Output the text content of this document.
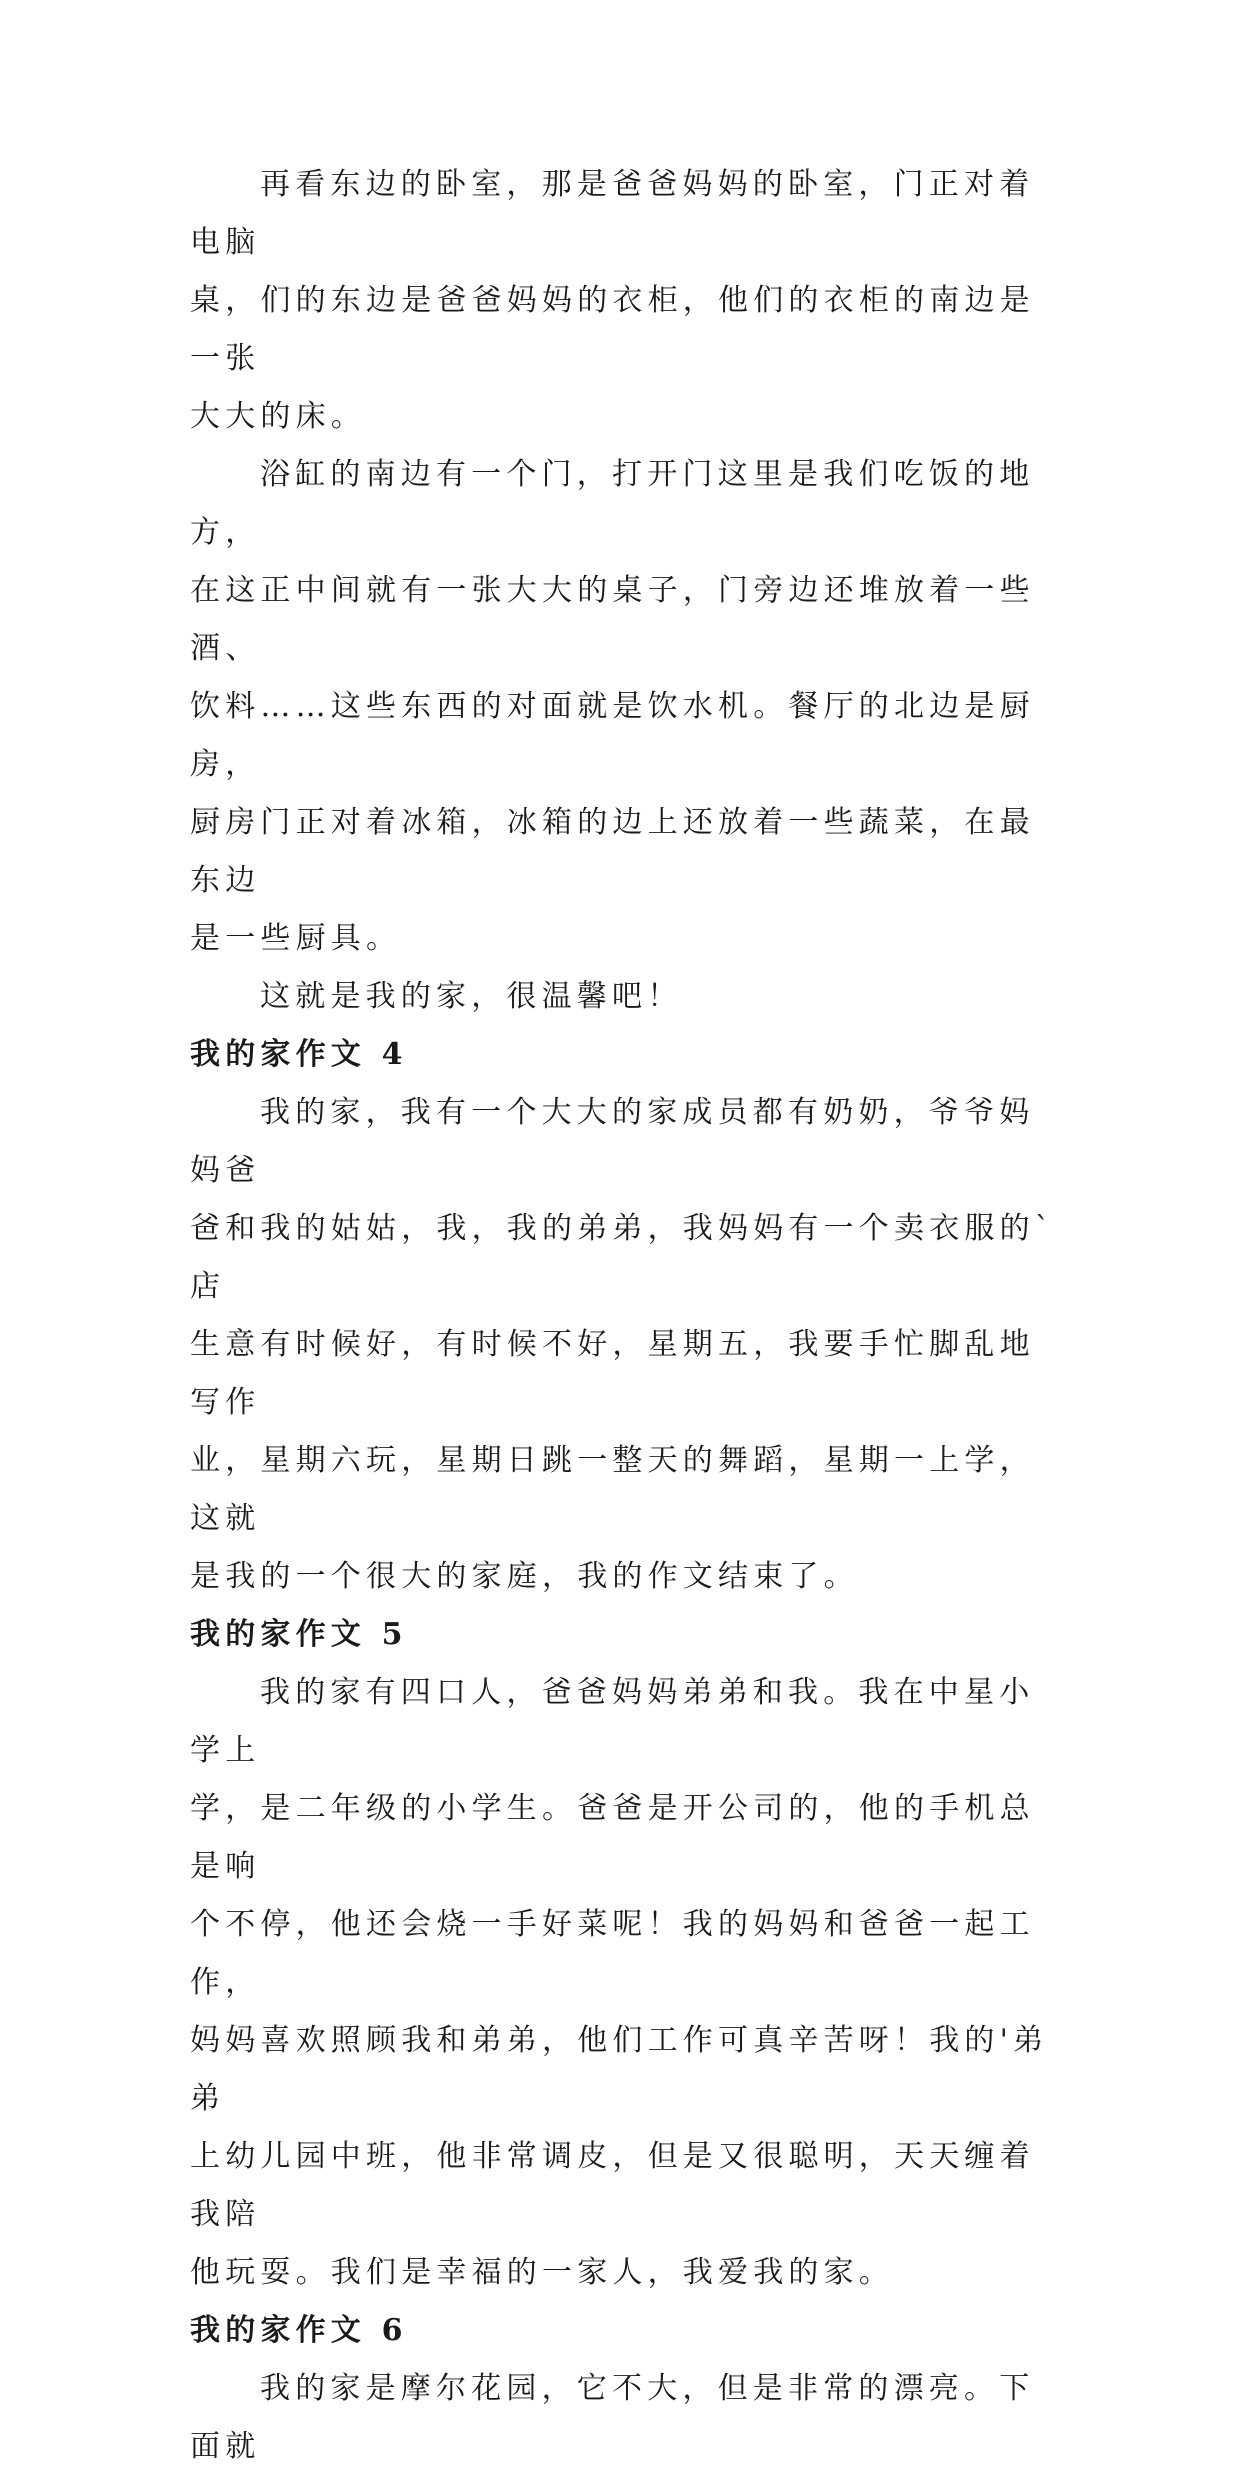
再看东边的卧室，那是爸爸妈妈的卧室，门正对着电脑
桌，们的东边是爸爸妈妈的衣柜，他们的衣柜的南边是一张
大大的床。

浴缸的南边有一个门，打开门这里是我们吃饭的地方，
在这正中间就有一张大大的桌子，门旁边还堆放着一些酒、
饮料……这些东西的对面就是饮水机。餐厅的北边是厨房，
厨房门正对着冰箱，冰箱的边上还放着一些蔬菜，在最东边
是一些厨具。

这就是我的家，很温馨吧！

我的家作文 4

我的家，我有一个大大的家成员都有奶奶，爷爷妈妈爸
爸和我的姑姑，我，我的弟弟，我妈妈有一个卖衣服的`店
生意有时候好，有时候不好，星期五，我要手忙脚乱地写作
业，星期六玩，星期日跳一整天的舞蹈，星期一上学，这就
是我的一个很大的家庭，我的作文结束了。

我的家作文 5

我的家有四口人，爸爸妈妈弟弟和我。我在中星小学上
学，是二年级的小学生。爸爸是开公司的，他的手机总是响
个不停，他还会烧一手好菜呢！我的妈妈和爸爸一起工作，
妈妈喜欢照顾我和弟弟，他们工作可真辛苦呀！我的'弟弟
上幼儿园中班，他非常调皮，但是又很聪明，天天缠着我陪
他玩耍。我们是幸福的一家人，我爱我的家。

我的家作文 6

我的家是摩尔花园，它不大，但是非常的漂亮。下面就
